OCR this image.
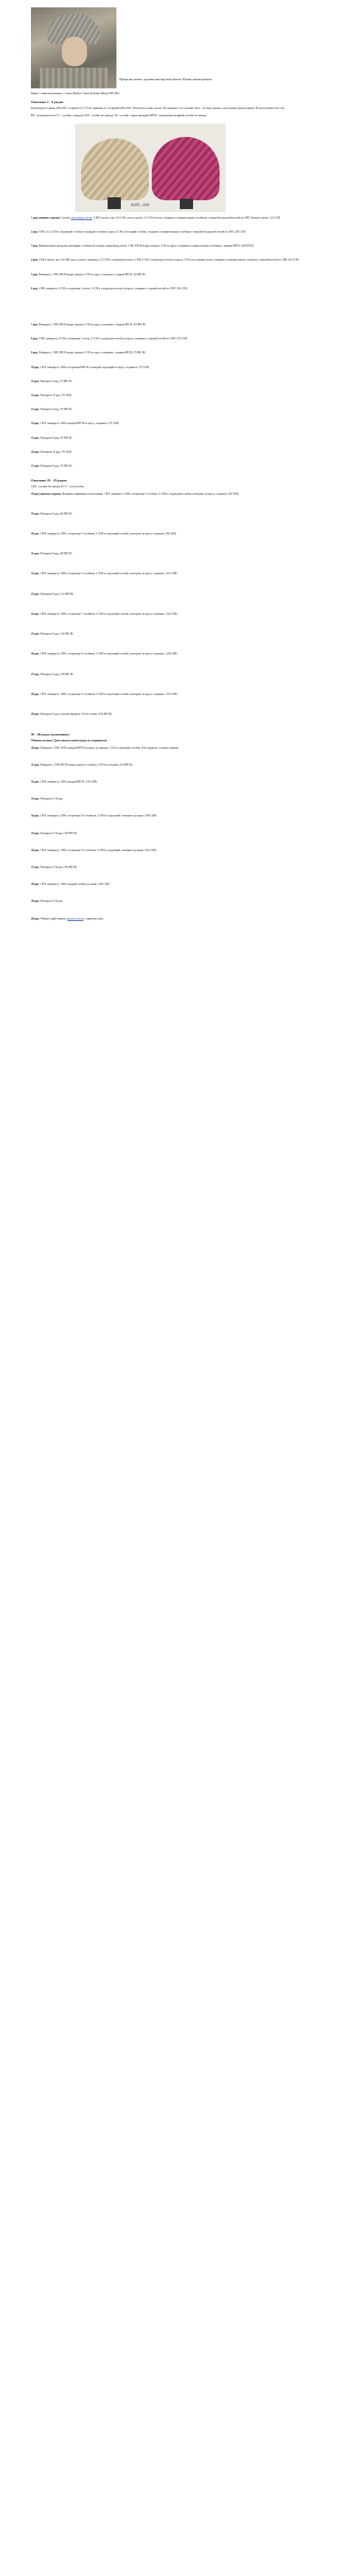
Прекрасная шляпка с крупным многоярусным цветком. Шляпка связана крючком.

Пряжа + коннектор вязаного + шило (Raffiow Vanni Gioilanno Miston 80% DK)

Описание 1 - 6 рядов:

Рекомендуется пряжа 250м/100 г и крючок № 2,75 мм. крючком № 3 и пряжей 250м/100 г. Получается очень плотно. Ну, наверное, так и должно быть - это ведь шляпка, а она должна держать форму. Поля получаются вот так:

ВП - воздушная петля СС - столбик с накидом СБН - столбик без накида СН - столбик с двумя накидами ВРСН - выпуклый рельефный столбик без накида:

knitt...net

1 ряд (лицевая сторона): Сделать скользящую петлю. 3 ВП (считать, как 1-й ССН в этом и далее), 13 ССН в петлю, соединить соединительным столбиком с верхней воздушной петлей из 3 ВП. Затянуть петлю. (14 ССН)

2 ряд: 3 ВП, по 2 ССН в следующий столбик и в каждый столбик по кругу, ССН в последний столбик, соединить соединительным столбиком с верхней воздушной петлей из 3 ВП. (28 ССН)

3 ряд: Начиная вязать выпуклые рельефные столбики без накида, каждый ряд делает 1 ВП. ВРСН вокруг каждого ССН по кругу, соединить соединительным столбиком с первым ВРСН. (28 ВРСН)

4 ряд: 1 ВП (считать, как 1-й СБН здесь и далее), повернуть. (2 ССН в следующую петлю и 1 ВП, ССН в следующую петлю) по кругу, ССН в последнюю петлю, соединить соединительным столбиком с верхней петлей из 3 ВП. (42 ССН)

5 ряд: Повернуть, 1 ВП, ВРСН вокруг каждого ССН по кругу, соединить с первым ВРСН. (42 ВРСН)

6 ряд: 1 ВП, повернуть, (ССН в следующие 2 петли, 2 ССН в следующую петлю) по кругу, соединить с верхней петлей из 3 ВП. (56 ССН)

7 ряд: Повернуть, 1 ВП, ВРСН вокруг каждого ССН по кругу, соединить с первым ВРСН. (56 ВРСН)

8 ряд: 1 ВП, повернуть, (ССН в следующие 3 петли, 2 ССН в следующую петлю) по кругу, соединить с верхней петлей из 3 ВП. (70 ССН)

9 ряд: Повернуть, 1 ВП, ВРСН вокруг каждого ССН по кругу, соединить с первым ВРСН. (70 ВРСН)

10 ряд: 1 ВП, повернуть, СБН в следующий ВРСН, в каждый следующий по кругу, соединить. (70 СБН)

11 ряд: Повторить 9 ряд. (70 ВРСН)

12 ряд: Повторить 10 ряд. (70 СБН)

13 ряд: Повторить 9 ряд. (70 ВРСН)

14 ряд: 1 ВП, повернуть, СБН в каждый ВРСН по кругу, соединить. (70 СБН)

15 ряд: Повторить 9 ряд. (70 ВРСН)

16 ряд: Повторить 10 ряд. (70 СБН)

17 ряд: Повторить 9 ряд. (70 ВРСН)

Описание 18 - 29 рядов:

СБН - столбик без накида 2ССТ - полустолбик

18 ряд (лицевая сторона): Начинают вывязывать поля шляпки. 1 ВП, повернуть, СБН в следующие 4 столбика, 2 СБН в следующий столбик, повторить по кругу, соединить. (84 СБН)

19 ряд: Повторить 9 ряд. (84 ВРСН)

20 ряд: 1 ВП, повернуть, СБН в следующие 5 столбиков, 2 СБН в следующий столбик, повторить по кругу, соединить. (98 СБН)

21 ряд: Повторить 9 ряд. (98 ВРСН)

22 ряд: 1 ВП, повернуть, СБН в следующие 6 столбиков, 2 СБН в следующий столбик, повторить по кругу, соединить. (112 СБН)

23 ряд: Повторить 9 ряд. (112 ВРСН)

24 ряд: 1 ВП, повернуть, СБН в следующие 7 столбиков, 2 СБН в следующий столбик, повторить по кругу, соединить. (126 СБН)

25 ряд: Повторить 9 ряд. (126 ВРСН)

26 ряд: 1 ВП, повернуть, СБН в следующие 8 столбиков, 2 СБН в следующий столбик, повторить по кругу, соединить. (140 СБН)

27 ряд: Повторить 9 ряд. (140 ВРСН)

28 ряд: 1 ВП, повернуть, СБН в следующие 9 столбиков, 2 СБН в следующий столбик, повторить по кругу, соединить. (154 СБН)

29 ряд: Повторить 9 ряд, отметив маркером 154-й столбик. (154 ВРСН)

30 - 40 ряды (окончание):

Обвязать шляпку! Далее вяжем и вяжем ряды не соединяются!

30 ряд: Повернуть, 1 ВП, СБН в каждый ВРСН по кругу до маркера, ССН в следующий столбик. (Не соединять, оставить маркер)

31 ряд: Повернуть, 1 ВП, ВРСН вокруг каждого столбика, ССН в последний. (154 ВРСН)

32 ряд: 1 ВП, повернуть, СБН в каждый ВРСН. (154 СБН)

33 ряд: Повторить 31-й ряд.

34 ряд: 1 ВП, повернуть, СБН в следующие 10 столбиков, 2 СБН в следующий, повторить до конца. (168 СБН)

35 ряд: Повторить 31-й ряд. (168 ВРСН)

36 ряд: 1 ВП, повернуть, СБН в следующие 11 столбиков, 2 СБН в следующий, повторить до конца. (182 СБН)

37 ряд: Повторить 31-й ряд. (182 ВРСН)

38 ряд: 1 ВП, повернуть, СБН в каждый столбик до конца. (182 СБН)

39 ряд: Повторить 31-й ряд.

40 ряд: Обвязать край шляпки «рачьим шагом», закрепить нить.
